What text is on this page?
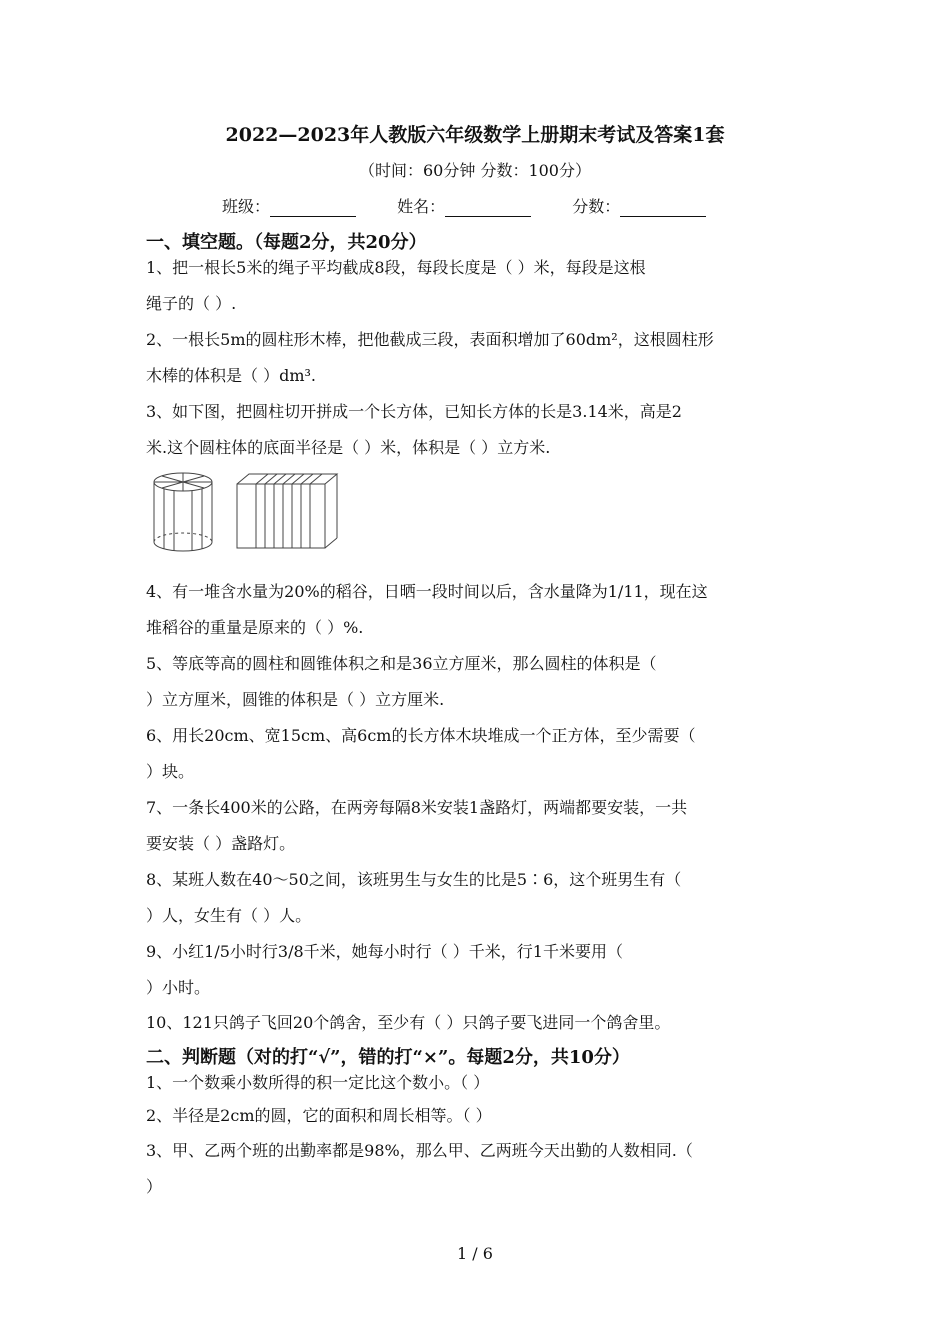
2022—2023年人教版六年级数学上册期末考试及答案1套
（时间：60分钟 分数：100分）
班级：	姓名：	分数：
一、填空题。（每题2分，共20分）
1、把一根长5米的绳子平均截成8段，每段长度是（ ）米，每段是这根
绳子的（ ）.
2、一根长5m的圆柱形木棒，把他截成三段，表面积增加了60dm²，这根圆柱形
木棒的体积是（ ）dm³.
3、如下图，把圆柱切开拼成一个长方体，已知长方体的长是3.14米，高是2
米.这个圆柱体的底面半径是（ ）米，体积是（ ）立方米.
4、有一堆含水量为20%的稻谷，日晒一段时间以后，含水量降为1/11，现在这
堆稻谷的重量是原来的（ ）%.
5、等底等高的圆柱和圆锥体积之和是36立方厘米，那么圆柱的体积是（
）立方厘米，圆锥的体积是（ ）立方厘米.
6、用长20cm、宽15cm、高6cm的长方体木块堆成一个正方体，至少需要（
）块。
7、一条长400米的公路，在两旁每隔8米安装1盏路灯，两端都要安装，一共
要安装（ ）盏路灯。
8、某班人数在40～50之间，该班男生与女生的比是5∶6，这个班男生有（
）人，女生有（ ）人。
9、小红1/5小时行3/8千米，她每小时行（ ）千米，行1千米要用（
）小时。
10、121只鸽子飞回20个鸽舍，至少有（ ）只鸽子要飞进同一个鸽舍里。
二、判断题（对的打“√”，错的打“×”。每题2分，共10分）
1、一个数乘小数所得的积一定比这个数小。（ ）
2、半径是2cm的圆，它的面积和周长相等。（ ）
3、甲、乙两个班的出勤率都是98%，那么甲、乙两班今天出勤的人数相同.（
）
1 / 6
